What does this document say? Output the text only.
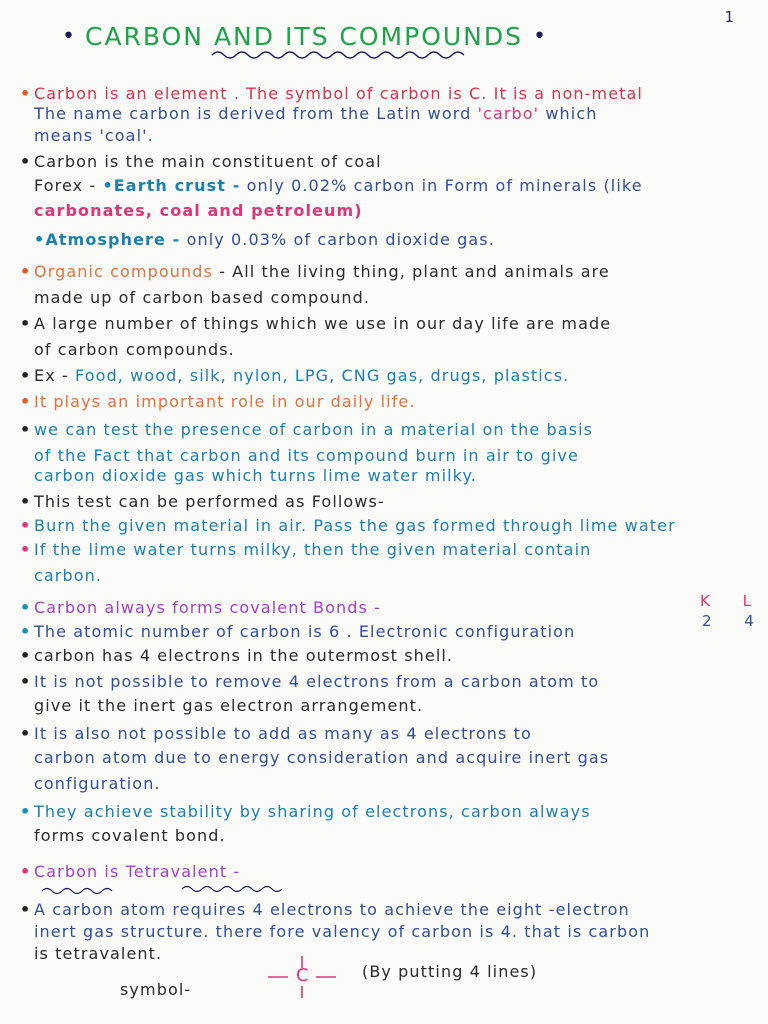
1
• CARBON AND ITS COMPOUNDS •
• Carbon is an element . The symbol of carbon is C. It is a non-metal
The name carbon is derived from the Latin word 'carbo' which
means 'coal'.
• Carbon is the main constituent of coal
Forex - •Earth crust - only 0.02% carbon in Form of minerals (like
carbonates, coal and petroleum)
•Atmosphere - only 0.03% of carbon dioxide gas.
• Organic compounds - All the living thing, plant and animals are
made up of carbon based compound.
• A large number of things which we use in our day life are made
of carbon compounds.
• Ex - Food, wood, silk, nylon, LPG, CNG gas, drugs, plastics.
• It plays an important role in our daily life.
• we can test the presence of carbon in a material on the basis
of the Fact that carbon and its compound burn in air to give
carbon dioxide gas which turns lime water milky.
• This test can be performed as Follows-
• Burn the given material in air. Pass the gas formed through lime water
• If the lime water turns milky, then the given material contain
carbon.
• Carbon always forms covalent Bonds -
• The atomic number of carbon is 6 . Electronic configuration
• carbon has 4 electrons in the outermost shell.
• It is not possible to remove 4 electrons from a carbon atom to
give it the inert gas electron arrangement.
• It is also not possible to add as many as 4 electrons to
carbon atom due to energy consideration and acquire inert gas
configuration.
• They achieve stability by sharing of electrons, carbon always
forms covalent bond.
• Carbon is Tetravalent -
• A carbon atom requires 4 electrons to achieve the eight -electron
inert gas structure. there fore valency of carbon is 4. that is carbon
is tetravalent.
K L
2 4
symbol-
C	(By putting 4 lines)
